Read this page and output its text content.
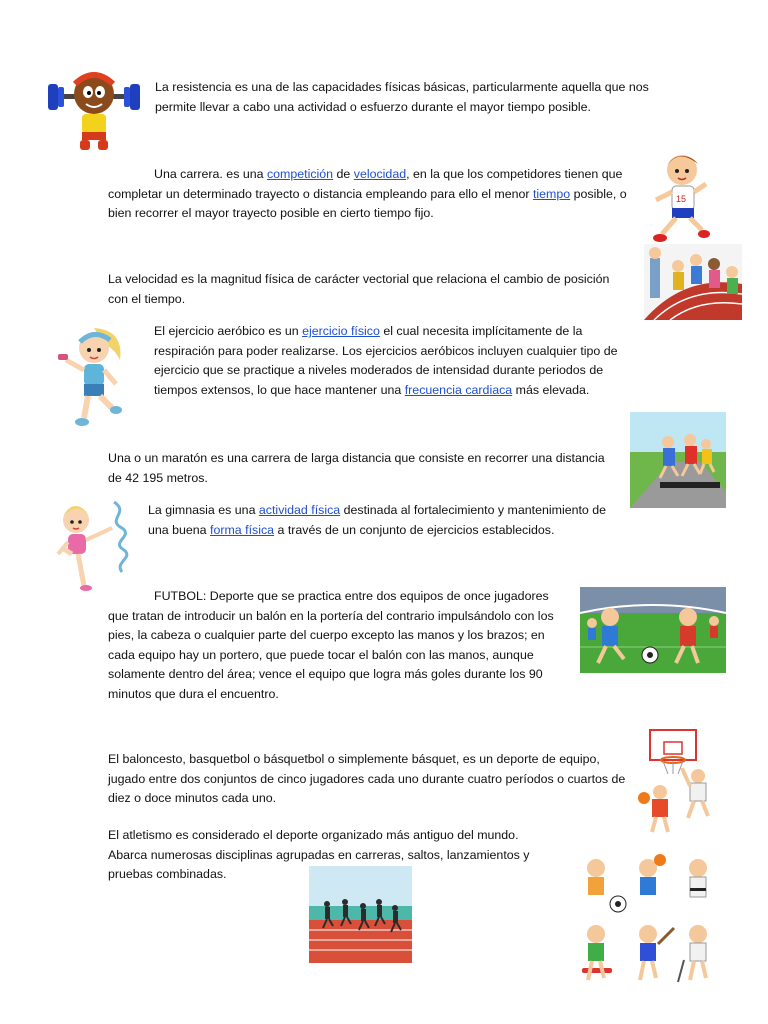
La resistencia es una de las capacidades físicas básicas, particularmente aquella que nos permite llevar a cabo una actividad o esfuerzo durante el mayor tiempo posible.

15

Una carrera. es una competición de velocidad, en la que los competidores tienen que completar un determinado trayecto o distancia empleando para ello el menor tiempo posible, o bien recorrer el mayor trayecto posible en cierto tiempo fijo.

La velocidad es la magnitud física de carácter vectorial que relaciona el cambio de posición con el tiempo.

El ejercicio aeróbico es un ejercicio físico el cual necesita implícitamente de la respiración para poder realizarse. Los ejercicios aeróbicos incluyen cualquier tipo de ejercicio que se practique a niveles moderados de intensidad durante periodos de tiempos extensos, lo que hace mantener una frecuencia cardiaca más elevada.

Una o un maratón es una carrera de larga distancia que consiste en recorrer una distancia de 42 195 metros.

La gimnasia es una actividad física destinada al fortalecimiento y mantenimiento de una buena forma física a través de un conjunto de ejercicios establecidos.

FUTBOL: Deporte que se practica entre dos equipos de once jugadores que tratan de introducir un balón en la portería del contrario impulsándolo con los pies, la cabeza o cualquier parte del cuerpo excepto las manos y los brazos; en cada equipo hay un portero, que puede tocar el balón con las manos, aunque solamente dentro del área; vence el equipo que logra más goles durante los 90 minutos que dura el encuentro.

El baloncesto, basquetbol o básquetbol o simplemente básquet, es un deporte de equipo, jugado entre dos conjuntos de cinco jugadores cada uno durante cuatro períodos o cuartos de diez o doce minutos cada uno.

El atletismo es considerado el deporte organizado más antiguo del mundo. Abarca numerosas disciplinas agrupadas en carreras, saltos, lanzamientos y pruebas combinadas.
